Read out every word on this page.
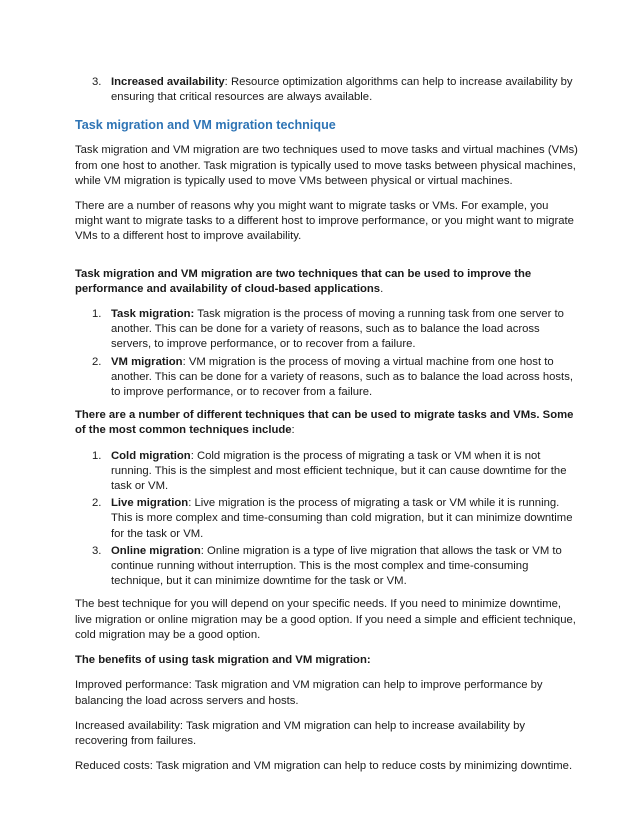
3. Increased availability: Resource optimization algorithms can help to increase availability by ensuring that critical resources are always available.

Task migration and VM migration technique

Task migration and VM migration are two techniques used to move tasks and virtual machines (VMs) from one host to another. Task migration is typically used to move tasks between physical machines, while VM migration is typically used to move VMs between physical or virtual machines.

There are a number of reasons why you might want to migrate tasks or VMs. For example, you might want to migrate tasks to a different host to improve performance, or you might want to migrate VMs to a different host to improve availability.

Task migration and VM migration are two techniques that can be used to improve the performance and availability of cloud-based applications.

1. Task migration: Task migration is the process of moving a running task from one server to another. This can be done for a variety of reasons, such as to balance the load across servers, to improve performance, or to recover from a failure.
2. VM migration: VM migration is the process of moving a virtual machine from one host to another. This can be done for a variety of reasons, such as to balance the load across hosts, to improve performance, or to recover from a failure.

There are a number of different techniques that can be used to migrate tasks and VMs. Some of the most common techniques include:

1. Cold migration: Cold migration is the process of migrating a task or VM when it is not running. This is the simplest and most efficient technique, but it can cause downtime for the task or VM.
2. Live migration: Live migration is the process of migrating a task or VM while it is running. This is more complex and time-consuming than cold migration, but it can minimize downtime for the task or VM.
3. Online migration: Online migration is a type of live migration that allows the task or VM to continue running without interruption. This is the most complex and time-consuming technique, but it can minimize downtime for the task or VM.

The best technique for you will depend on your specific needs. If you need to minimize downtime, live migration or online migration may be a good option. If you need a simple and efficient technique, cold migration may be a good option.

The benefits of using task migration and VM migration:

Improved performance: Task migration and VM migration can help to improve performance by balancing the load across servers and hosts.

Increased availability: Task migration and VM migration can help to increase availability by recovering from failures.

Reduced costs: Task migration and VM migration can help to reduce costs by minimizing downtime.
